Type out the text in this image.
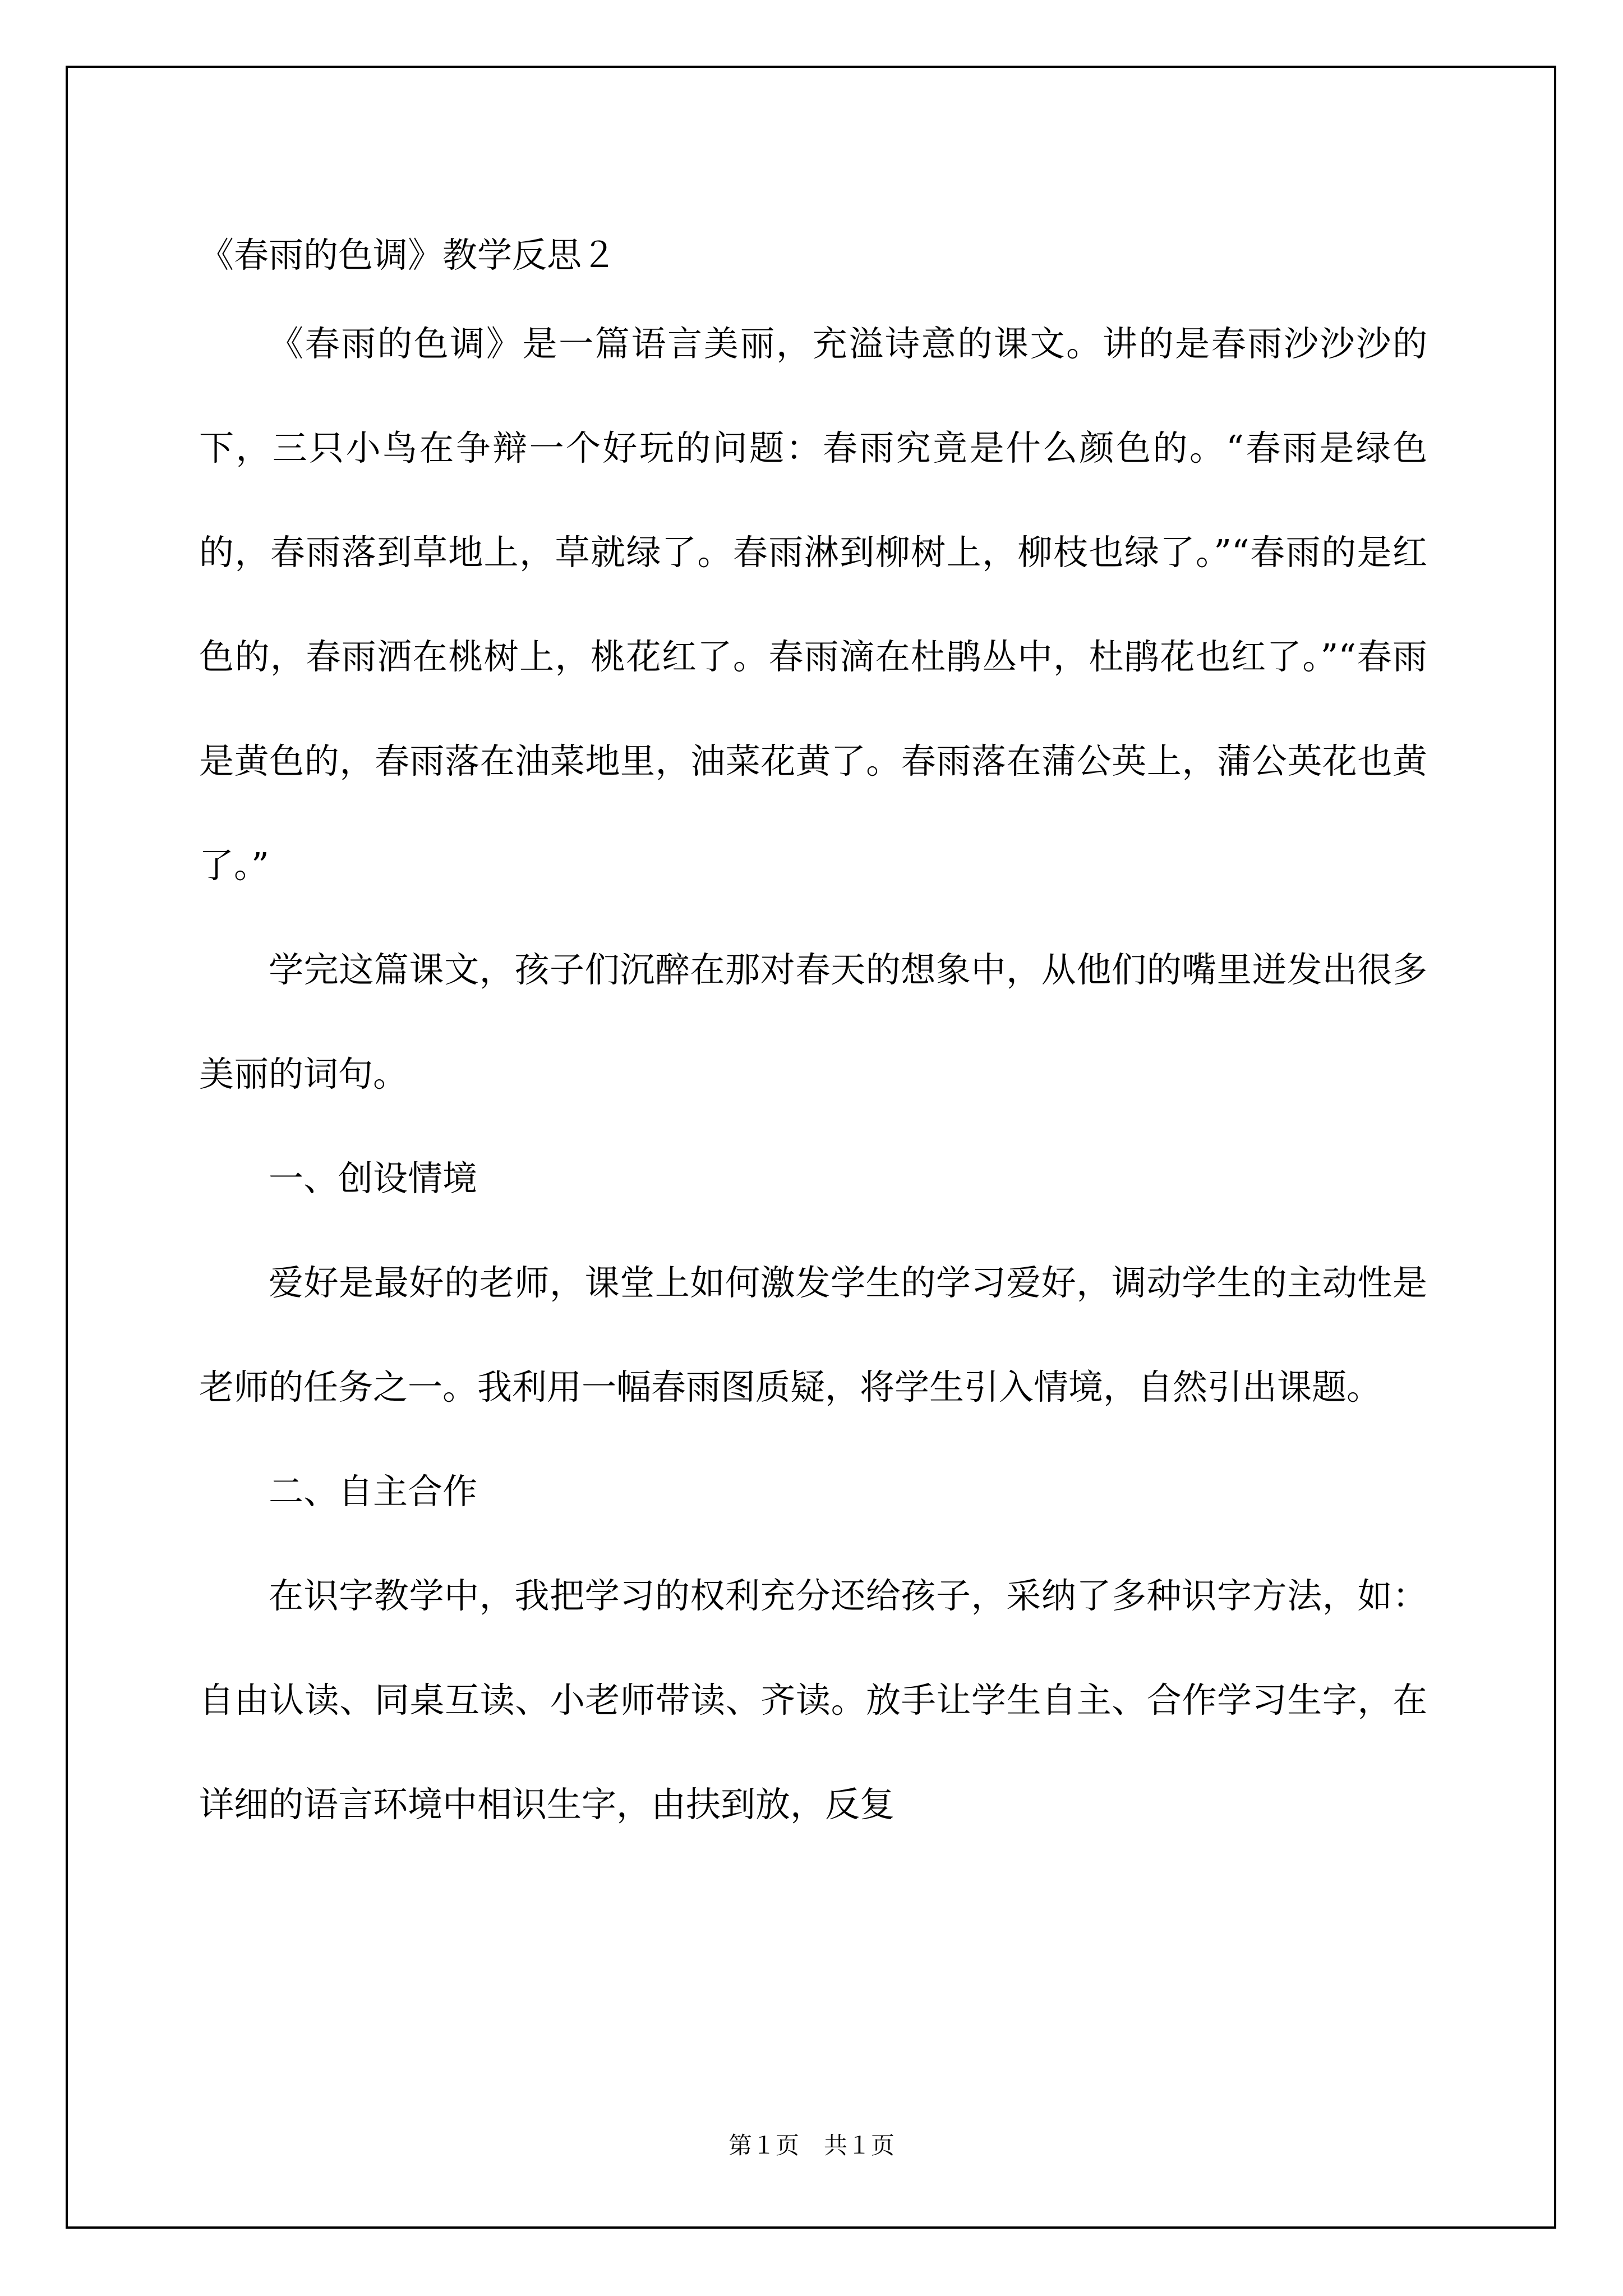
《春雨的色调》教学反思２

《春雨的色调》是一篇语言美丽，充溢诗意的课文。讲的是春雨沙沙沙的下，三只小鸟在争辩一个好玩的问题：春雨究竟是什么颜色的。“春雨是绿色的，春雨落到草地上，草就绿了。春雨淋到柳树上，柳枝也绿了。”“春雨的是红色的，春雨洒在桃树上，桃花红了。春雨滴在杜鹃丛中，杜鹃花也红了。”“春雨是黄色的，春雨落在油菜地里，油菜花黄了。春雨落在蒲公英上，蒲公英花也黄了。”

学完这篇课文，孩子们沉醉在那对春天的想象中，从他们的嘴里迸发出很多美丽的词句。

一、创设情境

爱好是最好的老师，课堂上如何激发学生的学习爱好，调动学生的主动性是老师的任务之一。我利用一幅春雨图质疑，将学生引入情境，自然引出课题。

二、自主合作

在识字教学中，我把学习的权利充分还给孩子，采纳了多种识字方法，如：自由认读、同桌互读、小老师带读、齐读。放手让学生自主、合作学习生字，在详细的语言环境中相识生字，由扶到放，反复

第１页 共１页
